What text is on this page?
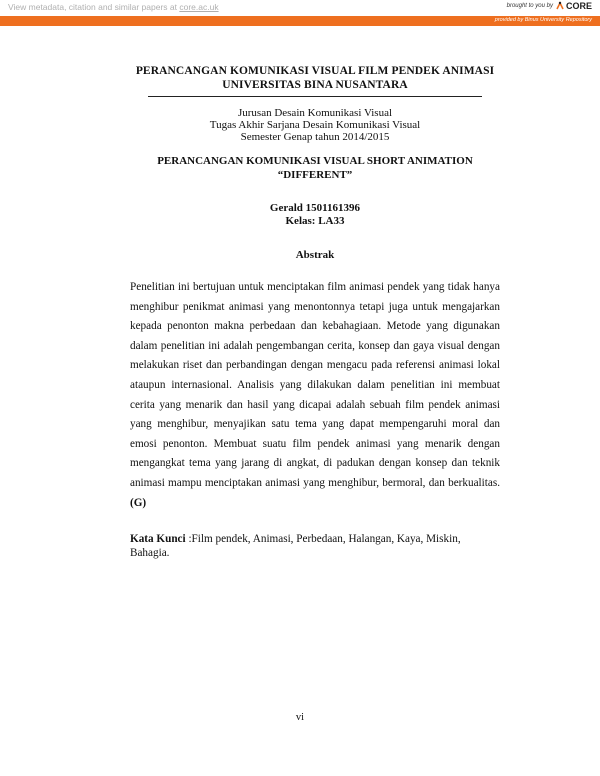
View metadata, citation and similar papers at core.ac.uk	brought to you by CORE
provided by Binus University Repository
PERANCANGAN KOMUNIKASI VISUAL FILM PENDEK ANIMASI UNIVERSITAS BINA NUSANTARA
Jurusan Desain Komunikasi Visual
Tugas Akhir Sarjana Desain Komunikasi Visual
Semester Genap tahun 2014/2015
PERANCANGAN KOMUNIKASI VISUAL SHORT ANIMATION
“DIFFERENT”
Gerald 1501161396
Kelas: LA33
Abstrak
Penelitian ini bertujuan untuk menciptakan film animasi pendek yang tidak hanya menghibur penikmat animasi yang menontonnya tetapi juga untuk mengajarkan kepada penonton makna perbedaan dan kebahagiaan. Metode yang digunakan dalam penelitian ini adalah pengembangan cerita, konsep dan gaya visual dengan melakukan riset dan perbandingan dengan mengacu pada referensi animasi lokal ataupun internasional. Analisis yang dilakukan dalam penelitian ini membuat cerita yang menarik dan hasil yang dicapai adalah sebuah film pendek animasi yang menghibur, menyajikan satu tema yang dapat mempengaruhi moral dan emosi penonton. Membuat suatu film pendek animasi yang menarik dengan mengangkat tema yang jarang di angkat, di padukan dengan konsep dan teknik animasi mampu menciptakan animasi yang menghibur, bermoral, dan berkualitas.(G)
Kata Kunci :Film pendek, Animasi, Perbedaan, Halangan, Kaya, Miskin, Bahagia.
vi
